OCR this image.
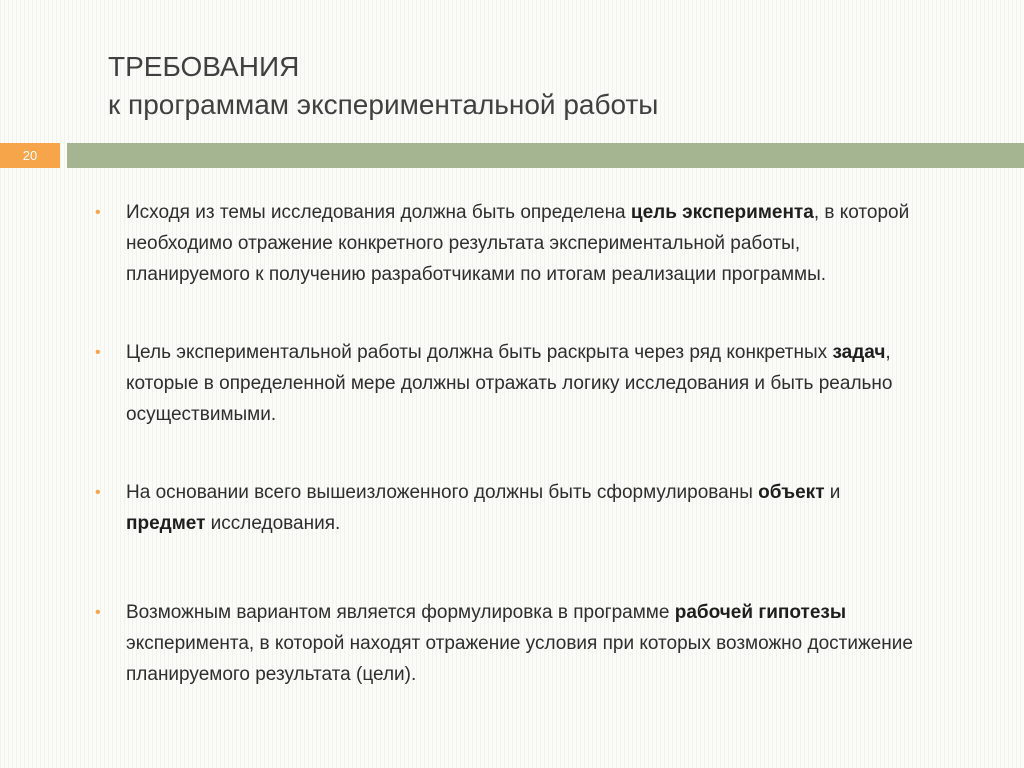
ТРЕБОВАНИЯ
к программам экспериментальной работы
20
• Исходя из темы исследования должна быть определена цель эксперимента, в которой необходимо отражение конкретного результата экспериментальной работы, планируемого к получению разработчиками по итогам реализации программы.
• Цель экспериментальной работы должна быть раскрыта через ряд конкретных задач, которые в определенной мере должны отражать логику исследования и быть реально осуществимыми.
• На основании всего вышеизложенного должны быть сформулированы объект и предмет исследования.
• Возможным вариантом является формулировка в программе рабочей гипотезы эксперимента, в которой находят отражение условия при которых возможно достижение планируемого результата (цели).
